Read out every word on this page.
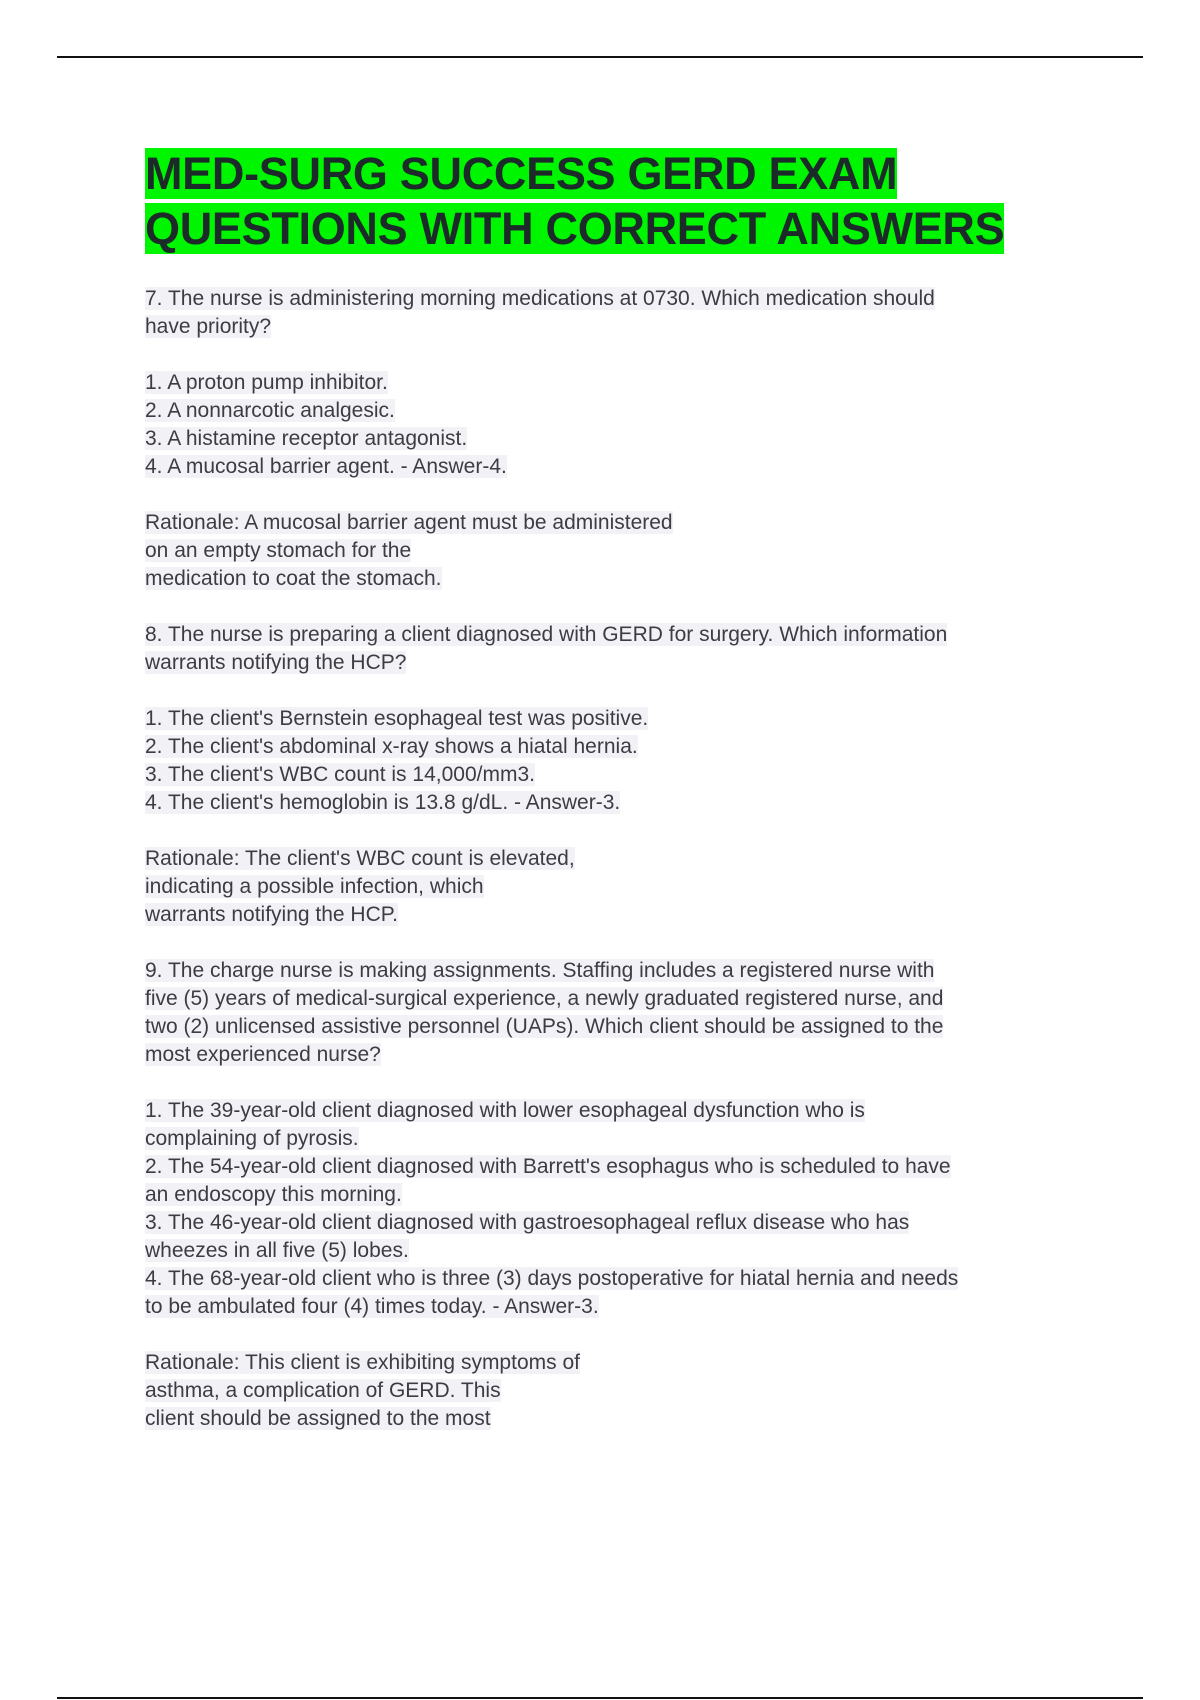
MED-SURG SUCCESS GERD EXAM
QUESTIONS WITH CORRECT ANSWERS
7. The nurse is administering morning medications at 0730. Which medication should
have priority?
1. A proton pump inhibitor.
2. A nonnarcotic analgesic.
3. A histamine receptor antagonist.
4. A mucosal barrier agent. - Answer-4.
Rationale: A mucosal barrier agent must be administered
on an empty stomach for the
medication to coat the stomach.
8. The nurse is preparing a client diagnosed with GERD for surgery. Which information
warrants notifying the HCP?
1. The client's Bernstein esophageal test was positive.
2. The client's abdominal x-ray shows a hiatal hernia.
3. The client's WBC count is 14,000/mm3.
4. The client's hemoglobin is 13.8 g/dL. - Answer-3.
Rationale: The client's WBC count is elevated,
indicating a possible infection, which
warrants notifying the HCP.
9. The charge nurse is making assignments. Staffing includes a registered nurse with
five (5) years of medical-surgical experience, a newly graduated registered nurse, and
two (2) unlicensed assistive personnel (UAPs). Which client should be assigned to the
most experienced nurse?
1. The 39-year-old client diagnosed with lower esophageal dysfunction who is
complaining of pyrosis.
2. The 54-year-old client diagnosed with Barrett's esophagus who is scheduled to have
an endoscopy this morning.
3. The 46-year-old client diagnosed with gastroesophageal reflux disease who has
wheezes in all five (5) lobes.
4. The 68-year-old client who is three (3) days postoperative for hiatal hernia and needs
to be ambulated four (4) times today. - Answer-3.
Rationale: This client is exhibiting symptoms of
asthma, a complication of GERD. This
client should be assigned to the most
